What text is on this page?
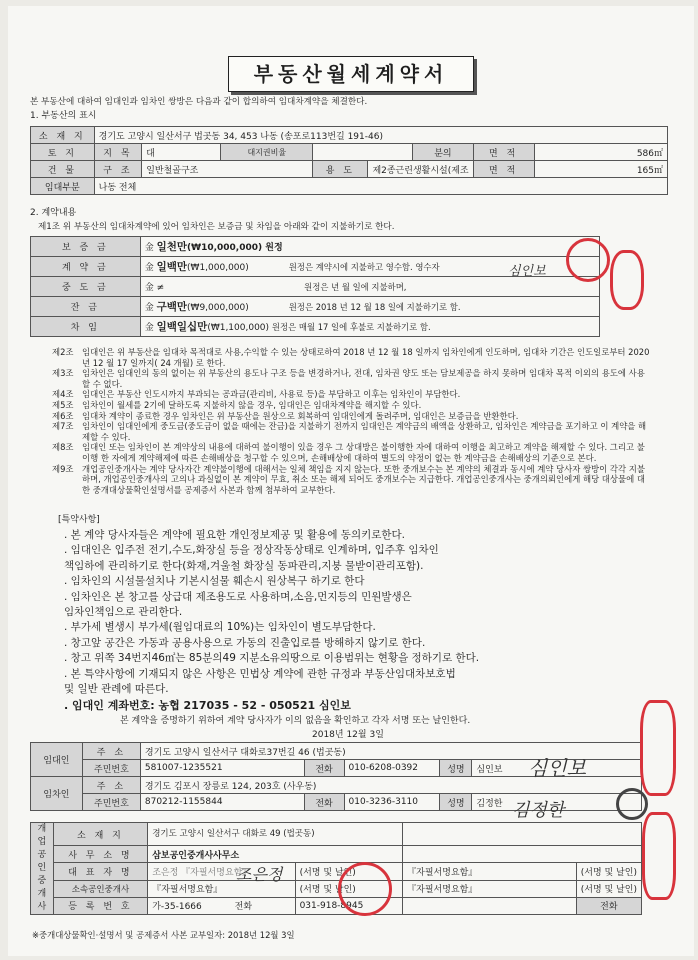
부동산월세계약서
본 부동산에 대하여 임대인과 임차인 쌍방은 다음과 같이 합의하여 임대차계약을 체결한다.
1. 부동산의 표시
소 재 지	경기도 고양시 일산서구 법곳동 34, 453 나동 (송포로113번길 191-46)							
토 지	지 목	대	대지권비율			분의	면 적	586㎡
건 물	구 조	일반철골구조		용 도	제2종근린생활시설(제조		면 적	165㎡
임대부분	나동 전체							
2. 계약내용
제1조 위 부동산의 임대차계약에 있어 임차인은 보증금 및 차임을 아래와 같이 지불하기로 한다.
보 증 금	金 일천만(₩10,000,000) 원정
계 약 금	金 일백만(₩1,000,000) 원정은 계약시에 지불하고 영수함. 영수자
중 도 금	金 ≠ 원정은 년 월 일에 지불하며,
잔 금	金 구백만(₩9,000,000) 원정은 2018 년 12 월 18 일에 지불하기로 함.
차 임	金 일백일십만(₩1,100,000) 원정은 매월 17 일에 후불로 지불하기로 함.
심인보
제2조 임대인은 위 부동산을 임대차 목적대로 사용,수익할 수 있는 상태로하여 2018 년 12 월 18 일까지 임차인에게 인도하며, 임대차 기간은 인도일로부터 2020 년 12 월 17 일까지( 24 개월) 로 한다.
제3조 임차인은 임대인의 동의 없이는 위 부동산의 용도나 구조 등을 변경하거나, 전대, 임차권 양도 또는 담보제공을 하지 못하며 임대차 목적 이외의 용도에 사용할 수 없다.
제4조 임대인은 부동산 인도시까지 부과되는 공과금(관리비, 사용료 등)을 부담하고 이후는 임차인이 부담한다.
제5조 임차인이 월세를 2기에 달하도록 지불하지 않을 경우, 임대인은 임대차계약을 해지할 수 있다.
제6조 임대차 계약이 종료한 경우 임차인은 위 부동산을 원상으로 회복하여 임대인에게 돌려주며, 임대인은 보증금을 반환한다.
제7조 임차인이 임대인에게 중도금(중도금이 없을 때에는 잔금)을 지불하기 전까지 임대인은 계약금의 배액을 상환하고, 임차인은 계약금을 포기하고 이 계약을 해제할 수 있다.
제8조 임대인 또는 임차인이 본 계약상의 내용에 대하여 불이행이 있을 경우 그 상대방은 불이행한 자에 대하여 이행을 최고하고 계약을 해제할 수 있다. 그리고 불이행 한 자에게 계약해제에 따른 손해배상을 청구할 수 있으며, 손해배상에 대하여 별도의 약정이 없는 한 계약금을 손해배상의 기준으로 본다.
제9조 개업공인중개사는 계약 당사자간 계약불이행에 대해서는 일체 책임을 지지 않는다. 또한 중개보수는 본 계약의 체결과 동시에 계약 당사자 쌍방이 각각 지불하며, 개업공인중개사의 고의나 과실없이 본 계약이 무효, 취소 또는 해제 되어도 중개보수는 지급한다. 개업공인중개사는 중개의뢰인에게 해당 대상물에 대한 중개대상물확인설명서를 공제증서 사본과 함께 첨부하여 교부한다.
[특약사항]
. 본 계약 당사자들은 계약에 필요한 개인정보제공 및 활용에 동의키로한다.
. 임대인은 입주전 전기,수도,화장실 등을 정상작동상태로 인계하며, 입주후 임차인
책임하에 관리하기로 한다(화재,겨울철 화장실 동파관리,지붕 물받이관리포함).
. 임차인의 시설물설치나 기본시설물 훼손시 원상복구 하기로 한다
. 임차인은 본 창고를 상급대 제조용도로 사용하며,소음,먼지등의 민원발생은
임차인책임으로 관리한다.
. 부가세 별생시 부가세(월임대료의 10%)는 임차인이 별도부담한다.
. 창고앞 공간은 가동과 공용사용으로 가동의 진출입로를 방해하지 않기로 한다.
. 창고 위쪽 34번지46㎡는 85분의49 지분소유의땅으로 이용범위는 현황을 정하기로 한다.
. 본 특약사항에 기재되지 않은 사항은 민법상 계약에 관한 규정과 부동산임대차보호법
및 일반 관례에 따른다.
. 임대인 계좌번호: 농협 217035 - 52 - 050521 심인보
본 계약을 증명하기 위하여 계약 당사자가 이의 없음을 확인하고 각자 서명 또는 날인한다.
2018년 12월 3일
임대인	주 소	경기도 고양시 일산서구 대화로37번길 46 (법곳동)				
	주민번호	581007-1235521	전화	010-6208-0392	성명	심인보
임차인	주 소	경기도 김포시 장릉로 124, 203호 (사우동)				
	주민번호	870212-1155844	전화	010-3236-3110	성명	김정한
개업공인중개사	소 재 지	경기도 고양시 일산서구 대화로 49 (법곳동)			
	사 무 소 명	삼보공인중개사사무소			
	대 표 자 명	조은정 『자필서명요함』	(서명 및 날인)	『자필서명요함』	(서명 및 날인)
	소속공인중개사	『자필서명요함』	(서명 및 날인)	『자필서명요함』	(서명 및 날인)
	등 록 번 호	가-35-1666 전화	031-918-8945		전화
※중개대상물확인·설명서 및 공제증서 사본 교부일자: 2018년 12월 3일
심인보
김정한
조은정
